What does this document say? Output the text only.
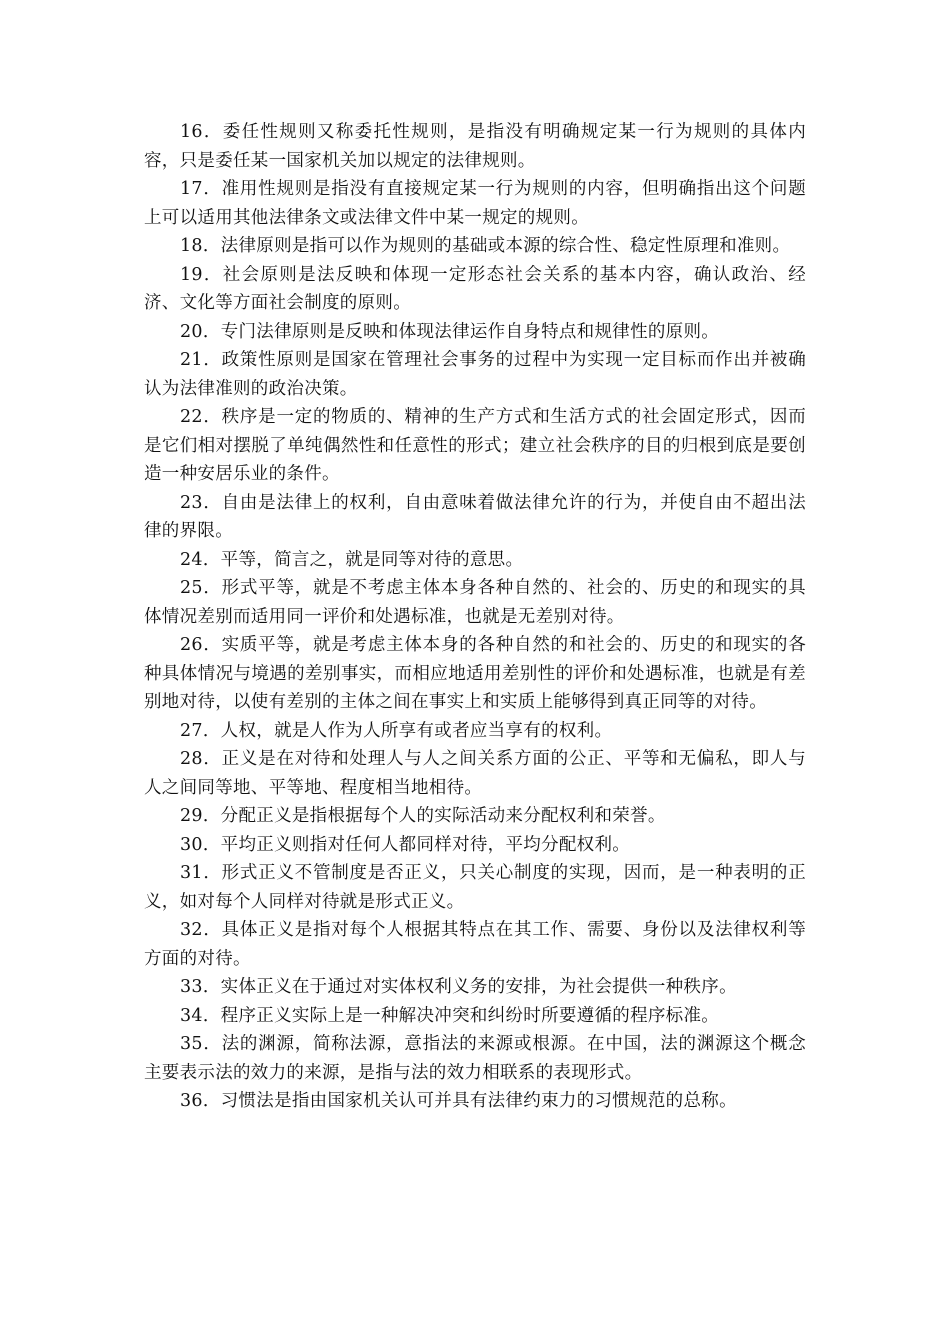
16．委任性规则又称委托性规则，是指没有明确规定某一行为规则的具体内容，只是委任某一国家机关加以规定的法律规则。

17．准用性规则是指没有直接规定某一行为规则的内容，但明确指出这个问题上可以适用其他法律条文或法律文件中某一规定的规则。

18．法律原则是指可以作为规则的基础或本源的综合性、稳定性原理和准则。

19．社会原则是法反映和体现一定形态社会关系的基本内容，确认政治、经济、文化等方面社会制度的原则。

20．专门法律原则是反映和体现法律运作自身特点和规律性的原则。

21．政策性原则是国家在管理社会事务的过程中为实现一定目标而作出并被确认为法律准则的政治决策。

22．秩序是一定的物质的、精神的生产方式和生活方式的社会固定形式，因而是它们相对摆脱了单纯偶然性和任意性的形式；建立社会秩序的目的归根到底是要创造一种安居乐业的条件。

23．自由是法律上的权利，自由意味着做法律允许的行为，并使自由不超出法律的界限。

24．平等，简言之，就是同等对待的意思。

25．形式平等，就是不考虑主体本身各种自然的、社会的、历史的和现实的具体情况差别而适用同一评价和处遇标准，也就是无差别对待。

26．实质平等，就是考虑主体本身的各种自然的和社会的、历史的和现实的各种具体情况与境遇的差别事实，而相应地适用差别性的评价和处遇标准，也就是有差别地对待，以使有差别的主体之间在事实上和实质上能够得到真正同等的对待。

27．人权，就是人作为人所享有或者应当享有的权利。

28．正义是在对待和处理人与人之间关系方面的公正、平等和无偏私，即人与人之间同等地、平等地、程度相当地相待。

29．分配正义是指根据每个人的实际活动来分配权利和荣誉。

30．平均正义则指对任何人都同样对待，平均分配权利。

31．形式正义不管制度是否正义，只关心制度的实现，因而，是一种表明的正义，如对每个人同样对待就是形式正义。

32．具体正义是指对每个人根据其特点在其工作、需要、身份以及法律权利等方面的对待。

33．实体正义在于通过对实体权利义务的安排，为社会提供一种秩序。

34．程序正义实际上是一种解决冲突和纠纷时所要遵循的程序标准。

35．法的渊源，简称法源，意指法的来源或根源。在中国，法的渊源这个概念主要表示法的效力的来源，是指与法的效力相联系的表现形式。

36．习惯法是指由国家机关认可并具有法律约束力的习惯规范的总称。
